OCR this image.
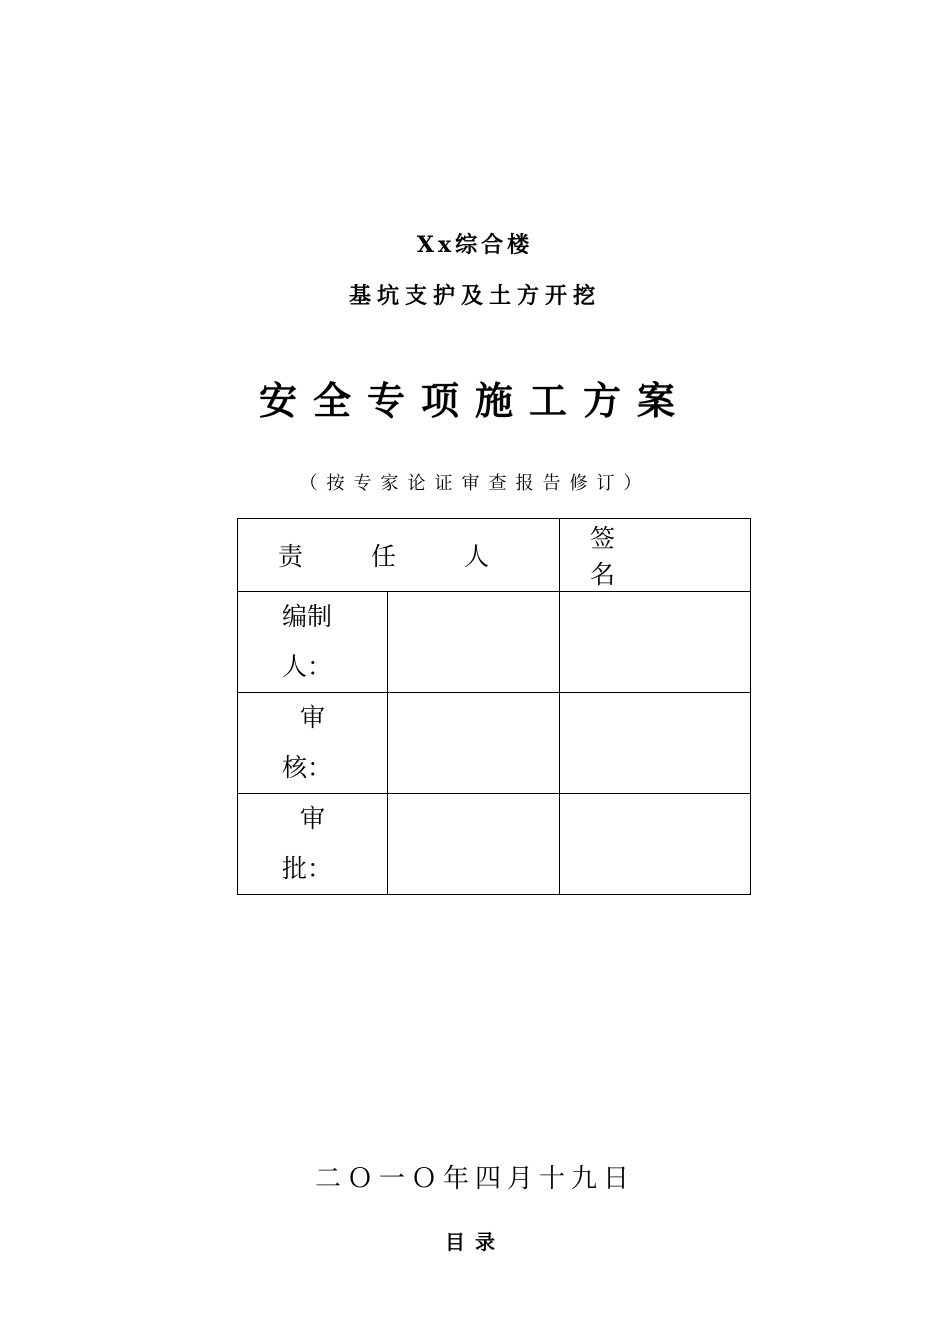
Xx综合楼
基坑支护及土方开挖
安全专项施工方案
（按专家论证审查报告修订）
责 任 人		签 名

编制
人：		

审
核：		

审
批：		

二Ｏ一Ｏ年四月十九日
目录
